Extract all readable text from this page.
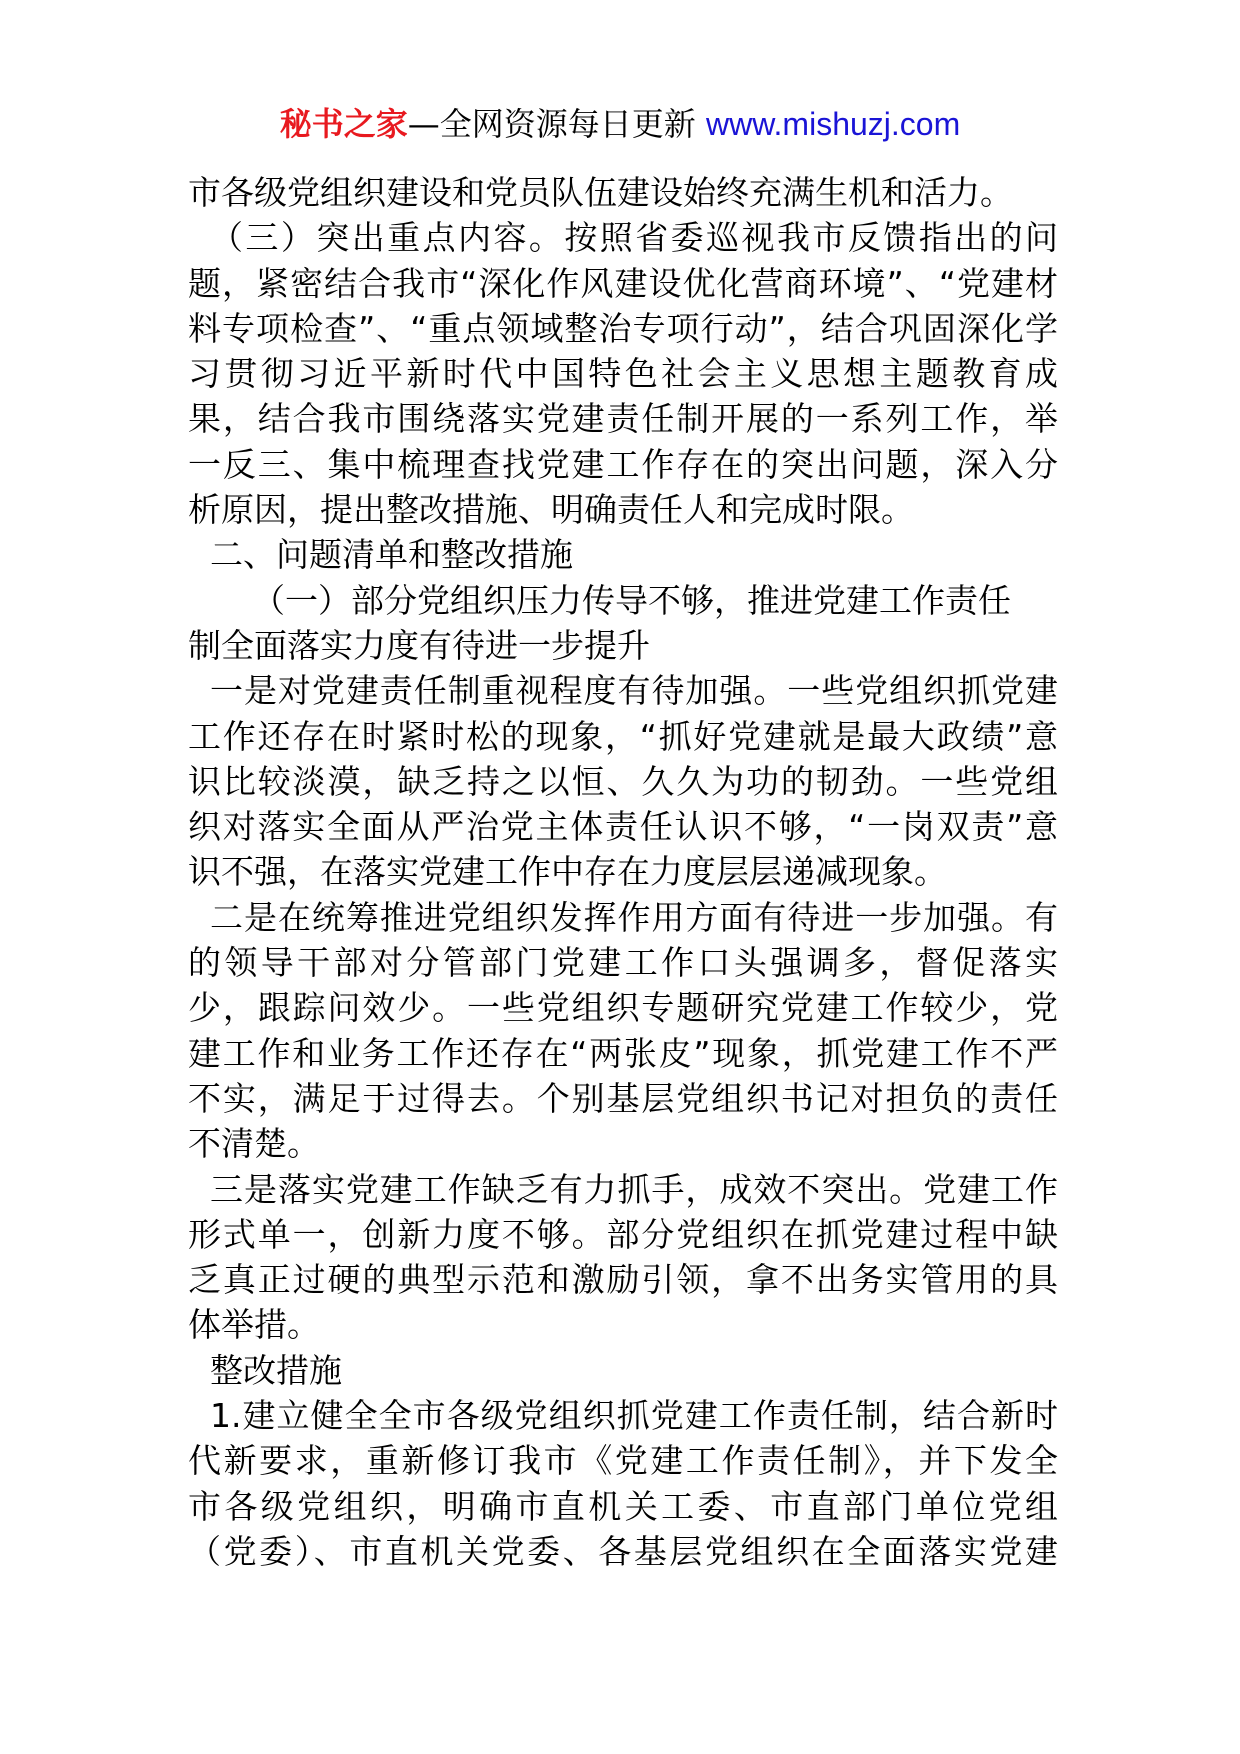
秘书之家—全网资源每日更新 www.mishuzj.com
市各级党组织建设和党员队伍建设始终充满生机和活力。
（三）突出重点内容。按照省委巡视我市反馈指出的问
题，紧密结合我市“深化作风建设优化营商环境”、“党建材
料专项检查”、“重点领域整治专项行动”，结合巩固深化学
习贯彻习近平新时代中国特色社会主义思想主题教育成
果，结合我市围绕落实党建责任制开展的一系列工作，举
一反三、集中梳理查找党建工作存在的突出问题，深入分
析原因，提出整改措施、明确责任人和完成时限。
二、问题清单和整改措施
（一）部分党组织压力传导不够，推进党建工作责任
制全面落实力度有待进一步提升
一是对党建责任制重视程度有待加强。一些党组织抓党建
工作还存在时紧时松的现象，“抓好党建就是最大政绩”意
识比较淡漠，缺乏持之以恒、久久为功的韧劲。一些党组
织对落实全面从严治党主体责任认识不够，“一岗双责”意
识不强，在落实党建工作中存在力度层层递减现象。
二是在统筹推进党组织发挥作用方面有待进一步加强。有
的领导干部对分管部门党建工作口头强调多，督促落实
少，跟踪问效少。一些党组织专题研究党建工作较少，党
建工作和业务工作还存在“两张皮”现象，抓党建工作不严
不实，满足于过得去。个别基层党组织书记对担负的责任
不清楚。
三是落实党建工作缺乏有力抓手，成效不突出。党建工作
形式单一，创新力度不够。部分党组织在抓党建过程中缺
乏真正过硬的典型示范和激励引领，拿不出务实管用的具
体举措。
整改措施
1.建立健全全市各级党组织抓党建工作责任制，结合新时
代新要求，重新修订我市《党建工作责任制》，并下发全
市各级党组织，明确市直机关工委、市直部门单位党组
（党委）、市直机关党委、各基层党组织在全面落实党建
